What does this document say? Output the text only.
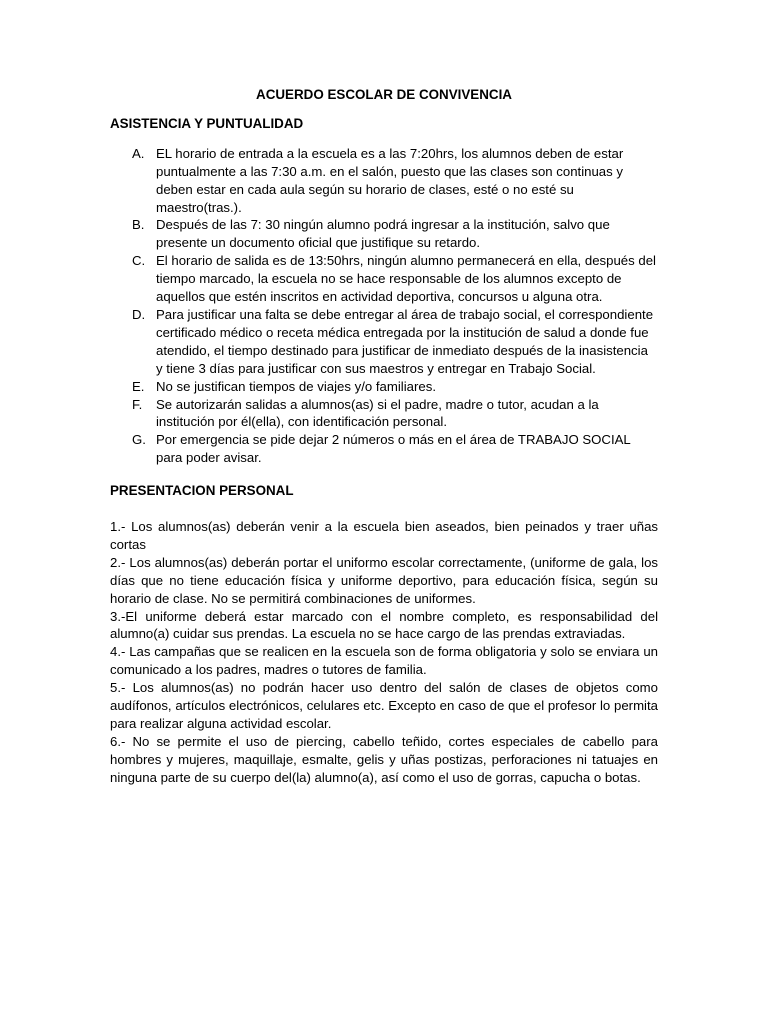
ACUERDO ESCOLAR DE CONVIVENCIA
ASISTENCIA Y PUNTUALIDAD
A. EL horario de entrada a la escuela es a las 7:20hrs, los alumnos deben de estar puntualmente a las 7:30 a.m. en el salón, puesto que las clases son continuas y deben estar en cada aula según su horario de clases, esté o no esté su maestro(tras.).
B. Después de las 7: 30 ningún alumno podrá ingresar a la institución, salvo que presente un documento oficial que justifique su retardo.
C. El horario de salida es de 13:50hrs, ningún alumno permanecerá en ella, después del tiempo marcado, la escuela no se hace responsable de los alumnos excepto de aquellos que estén inscritos en actividad deportiva, concursos u alguna otra.
D. Para justificar una falta se debe entregar al área de trabajo social, el correspondiente certificado médico o receta médica entregada por la institución de salud a donde fue atendido, el tiempo destinado para justificar de inmediato después de la inasistencia y tiene 3 días para justificar con sus maestros y entregar en Trabajo Social.
E. No se justifican tiempos de viajes y/o familiares.
F. Se autorizarán salidas a alumnos(as) si el padre, madre o tutor, acudan a la institución por él(ella), con identificación personal.
G. Por emergencia se pide dejar 2 números o más en el área de TRABAJO SOCIAL para poder avisar.
PRESENTACION PERSONAL

1.- Los alumnos(as) deberán venir a la escuela bien aseados, bien peinados y traer uñas cortas

2.- Los alumnos(as) deberán portar el uniformo escolar correctamente, (uniforme de gala, los días que no tiene educación física y uniforme deportivo, para educación física, según su horario de clase. No se permitirá combinaciones de uniformes.

3.-El uniforme deberá estar marcado con el nombre completo, es responsabilidad del alumno(a) cuidar sus prendas. La escuela no se hace cargo de las prendas extraviadas.

4.- Las campañas que se realicen en la escuela son de forma obligatoria y solo se enviara un comunicado a los padres, madres o tutores de familia.

5.- Los alumnos(as) no podrán hacer uso dentro del salón de clases de objetos como audífonos, artículos electrónicos, celulares etc. Excepto en caso de que el profesor lo permita para realizar alguna actividad escolar.

6.- No se permite el uso de piercing, cabello teñido, cortes especiales de cabello para hombres y mujeres, maquillaje, esmalte, gelis y uñas postizas, perforaciones ni tatuajes en ninguna parte de su cuerpo del(la) alumno(a), así como el uso de gorras, capucha o botas.
